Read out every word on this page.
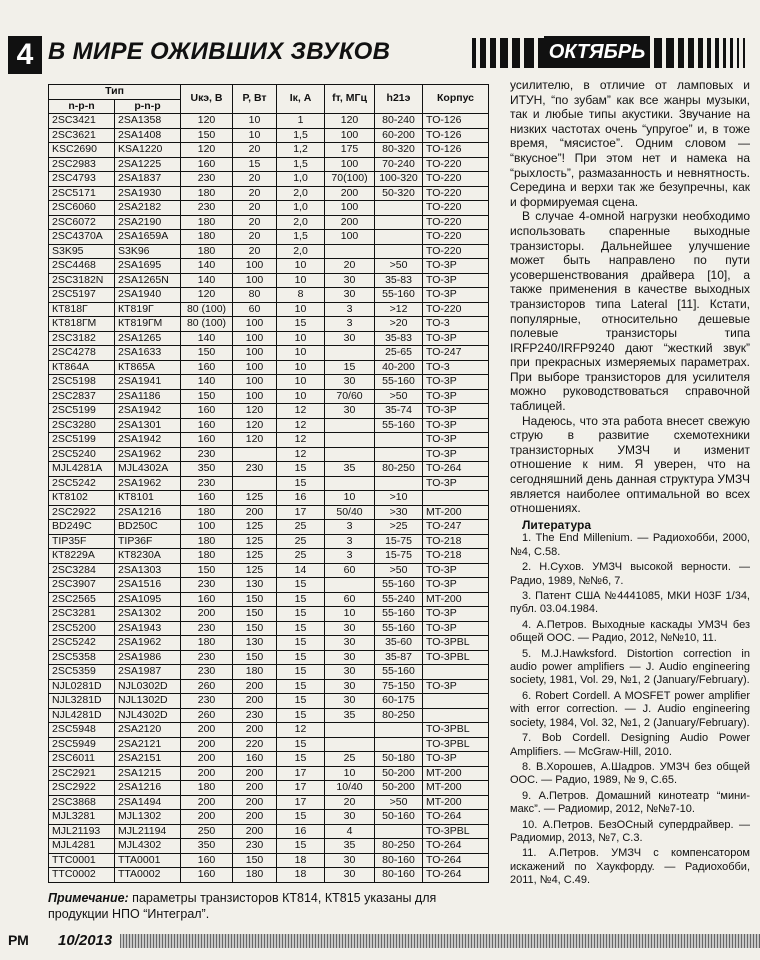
4 В МИРЕ ОЖИВШИХ ЗВУКОВ	ОКТЯБРЬ
Тип		Uкэ, В	P, Вт	Iк, А	fт, МГц	h21э	Корпус
n-p-n	p-n-p						
2SC3421	2SA1358	120	10	1	120	80-240	TO-126
2SC3621	2SA1408	150	10	1,5	100	60-200	TO-126
KSC2690	KSA1220	120	20	1,2	175	80-320	TO-126
2SC2983	2SA1225	160	15	1,5	100	70-240	TO-220
2SC4793	2SA1837	230	20	1,0	70(100)	100-320	TO-220
2SC5171	2SA1930	180	20	2,0	200	50-320	TO-220
2SC6060	2SA2182	230	20	1,0	100		TO-220
2SC6072	2SA2190	180	20	2,0	200		TO-220
2SC4370A	2SA1659A	180	20	1,5	100		TO-220
S3K95	S3K96	180	20	2,0			TO-220
2SC4468	2SA1695	140	100	10	20	>50	TO-3P
2SC3182N	2SA1265N	140	100	10	30	35-83	TO-3P
2SC5197	2SA1940	120	80	8	30	55-160	TO-3P
КТ818Г	КТ819Г	80 (100)	60	10	3	>12	TO-220
КТ818ГМ	КТ819ГМ	80 (100)	100	15	3	>20	TO-3
2SC3182	2SA1265	140	100	10	30	35-83	TO-3P
2SC4278	2SA1633	150	100	10		25-65	TO-247
КТ864А	КТ865А	160	100	10	15	40-200	TO-3
2SC5198	2SA1941	140	100	10	30	55-160	TO-3P
2SC2837	2SA1186	150	100	10	70/60	>50	TO-3P
2SC5199	2SA1942	160	120	12	30	35-74	TO-3P
2SC3280	2SA1301	160	120	12		55-160	TO-3P
2SC5199	2SA1942	160	120	12			TO-3P
2SC5240	2SA1962	230		12			TO-3P
MJL4281A	MJL4302A	350	230	15	35	80-250	TO-264
2SC5242	2SA1962	230		15			TO-3P
КТ8102	КТ8101	160	125	16	10	>10	
2SC2922	2SA1216	180	200	17	50/40	>30	MT-200
BD249C	BD250C	100	125	25	3	>25	TO-247
TIP35F	TIP36F	180	125	25	3	15-75	TO-218
КТ8229А	КТ8230А	180	125	25	3	15-75	TO-218
2SC3284	2SA1303	150	125	14	60	>50	TO-3P
2SC3907	2SA1516	230	130	15		55-160	TO-3P
2SC2565	2SA1095	160	150	15	60	55-240	MT-200
2SC3281	2SA1302	200	150	15	10	55-160	TO-3P
2SC5200	2SA1943	230	150	15	30	55-160	TO-3P
2SC5242	2SA1962	180	130	15	30	35-60	TO-3PBL
2SC5358	2SA1986	230	150	15	30	35-87	TO-3PBL
2SC5359	2SA1987	230	180	15	30	55-160	
NJL0281D	NJL0302D	260	200	15	30	75-150	TO-3P
NJL3281D	NJL1302D	230	200	15	30	60-175	
NJL4281D	NJL4302D	260	230	15	35	80-250	
2SC5948	2SA2120	200	200	12			TO-3PBL
2SC5949	2SA2121	200	220	15			TO-3PBL
2SC6011	2SA2151	200	160	15	25	50-180	TO-3P
2SC2921	2SA1215	200	200	17	10	50-200	MT-200
2SC2922	2SA1216	180	200	17	10/40	50-200	MT-200
2SC3868	2SA1494	200	200	17	20	>50	MT-200
MJL3281	MJL1302	200	200	15	30	50-160	TO-264
MJL21193	MJL21194	250	200	16	4		TO-3PBL
MJL4281	MJL4302	350	230	15	35	80-250	TO-264
TTC0001	TTA0001	160	150	18	30	80-160	TO-264
TTC0002	TTA0002	160	180	18	30	80-160	TO-264
Примечание: параметры транзисторов КТ814, КТ815 указаны для продукции НПО “Интеграл”.

усилителю, в отличие от ламповых и ИТУН, “по зубам” как все жанры музыки, так и любые типы акустики. Звучание на низких частотах очень “упругое” и, в тоже время, “мясистое”. Одним словом — “вкусное”! При этом нет и намека на “рыхлость”, размазанность и невнятность. Середина и верхи так же безупречны, как и формируемая сцена.

В случае 4-омной нагрузки необходимо использовать спаренные выходные транзисторы. Дальнейшее улучшение может быть направлено по пути усовершенствования драйвера [10], а также применения в качестве выходных транзисторов типа Lateral [11]. Кстати, популярные, относительно дешевые полевые транзисторы типа IRFP240/IRFP9240 дают “жесткий звук” при прекрасных измеряемых параметрах. При выборе транзисторов для усилителя можно руководствоваться справочной таблицей.

Надеюсь, что эта работа внесет свежую струю в развитие схемотехники транзисторных УМЗЧ и изменит отношение к ним. Я уверен, что на сегодняшний день данная структура УМЗЧ является наиболее оптимальной во всех отношениях.

Литература

1. The End Millenium. — Радиохобби, 2000, №4, С.58.

2. Н.Сухов. УМЗЧ высокой верности. — Радио, 1989, №№6, 7.

3. Патент США №4441085, МКИ H03F 1/34, публ. 03.04.1984.

4. А.Петров. Выходные каскады УМЗЧ без общей ООС. — Радио, 2012, №№10, 11.

5. M.J.Hawksford. Distortion correction in audio power amplifiers — J. Audio engineering society, 1981, Vol. 29, №1, 2 (January/February).

6. Robert Cordell. A MOSFET power amplifier with error correction. — J. Audio engineering society, 1984, Vol. 32, №1, 2 (January/February).

7. Bob Cordell. Designing Audio Power Amplifiers. — McGraw-Hill, 2010.

8. В.Хорошев, А.Шадров. УМЗЧ без общей ООС. — Радио, 1989, № 9, С.65.

9. А.Петров. Домашний кинотеатр “мини-макс”. — Радиомир, 2012, №№7-10.

10. А.Петров. БезОСный супердрайвер. — Радиомир, 2013, №7, С.3.

11. А.Петров. УМЗЧ с компенсатором искажений по Хаукфорду. — Радиохобби, 2011, №4, С.49.

РМ 10/2013
